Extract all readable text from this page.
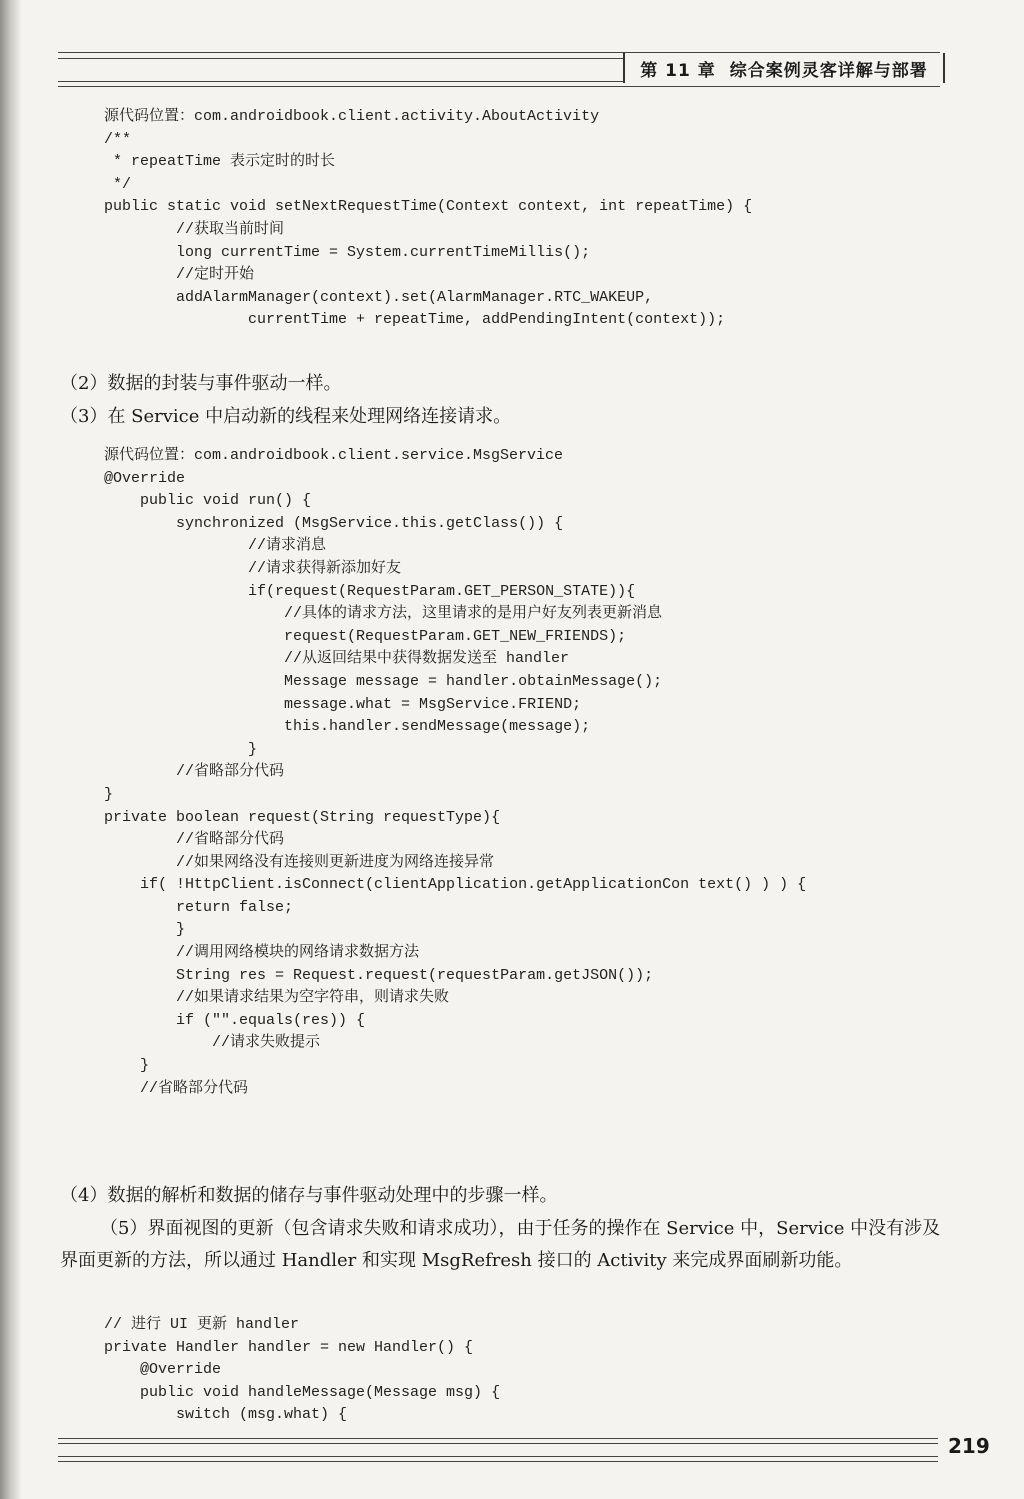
第 11 章 综合案例灵客详解与部署
源代码位置：com.androidbook.client.activity.AboutActivity
/**
* repeatTime 表示定时的时长
*/
public static void setNextRequestTime(Context context, int repeatTime) {
//获取当前时间
long currentTime = System.currentTimeMillis();
//定时开始
addAlarmManager(context).set(AlarmManager.RTC_WAKEUP,
currentTime + repeatTime, addPendingIntent(context));
（2）数据的封装与事件驱动一样。
（3）在 Service 中启动新的线程来处理网络连接请求。
源代码位置：com.androidbook.client.service.MsgService
@Override
public void run() {
synchronized (MsgService.this.getClass()) {
//请求消息
//请求获得新添加好友
if(request(RequestParam.GET_PERSON_STATE)){
//具体的请求方法，这里请求的是用户好友列表更新消息
request(RequestParam.GET_NEW_FRIENDS);
//从返回结果中获得数据发送至 handler
Message message = handler.obtainMessage();
message.what = MsgService.FRIEND;
this.handler.sendMessage(message);
}
//省略部分代码
}
private boolean request(String requestType){
//省略部分代码
//如果网络没有连接则更新进度为网络连接异常
if( !HttpClient.isConnect(clientApplication.getApplicationCon text() ) ) {
return false;
}
//调用网络模块的网络请求数据方法
String res = Request.request(requestParam.getJSON());
//如果请求结果为空字符串，则请求失败
if ("".equals(res)) {
//请求失败提示
}
//省略部分代码
（4）数据的解析和数据的储存与事件驱动处理中的步骤一样。
（5）界面视图的更新（包含请求失败和请求成功），由于任务的操作在 Service 中，Service 中没有涉及界面更新的方法，所以通过 Handler 和实现 MsgRefresh 接口的 Activity 来完成界面刷新功能。
// 进行 UI 更新 handler
private Handler handler = new Handler() {
@Override
public void handleMessage(Message msg) {
switch (msg.what) {
219
